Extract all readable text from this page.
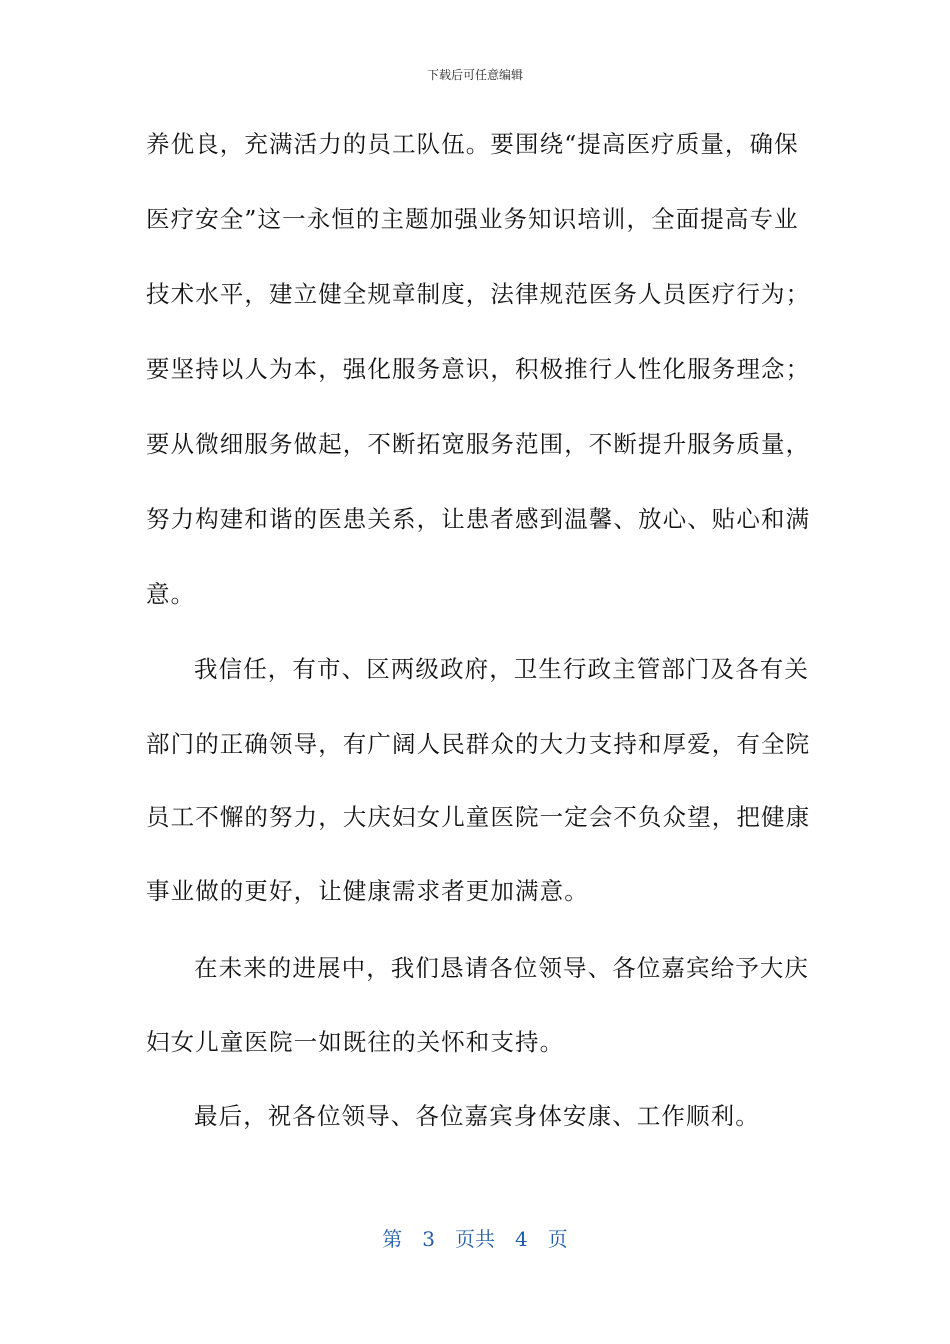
下载后可任意编辑
养优良，充满活力的员工队伍。要围绕“提高医疗质量，确保
医疗安全”这一永恒的主题加强业务知识培训，全面提高专业
技术水平，建立健全规章制度，法律规范医务人员医疗行为；
要坚持以人为本，强化服务意识，积极推行人性化服务理念；
要从微细服务做起，不断拓宽服务范围，不断提升服务质量，
努力构建和谐的医患关系，让患者感到温馨、放心、贴心和满
意。
我信任，有市、区两级政府，卫生行政主管部门及各有关
部门的正确领导，有广阔人民群众的大力支持和厚爱，有全院
员工不懈的努力，大庆妇女儿童医院一定会不负众望，把健康
事业做的更好，让健康需求者更加满意。
在未来的进展中，我们恳请各位领导、各位嘉宾给予大庆
妇女儿童医院一如既往的关怀和支持。
最后，祝各位领导、各位嘉宾身体安康、工作顺利。
第　3　页共　4　页
